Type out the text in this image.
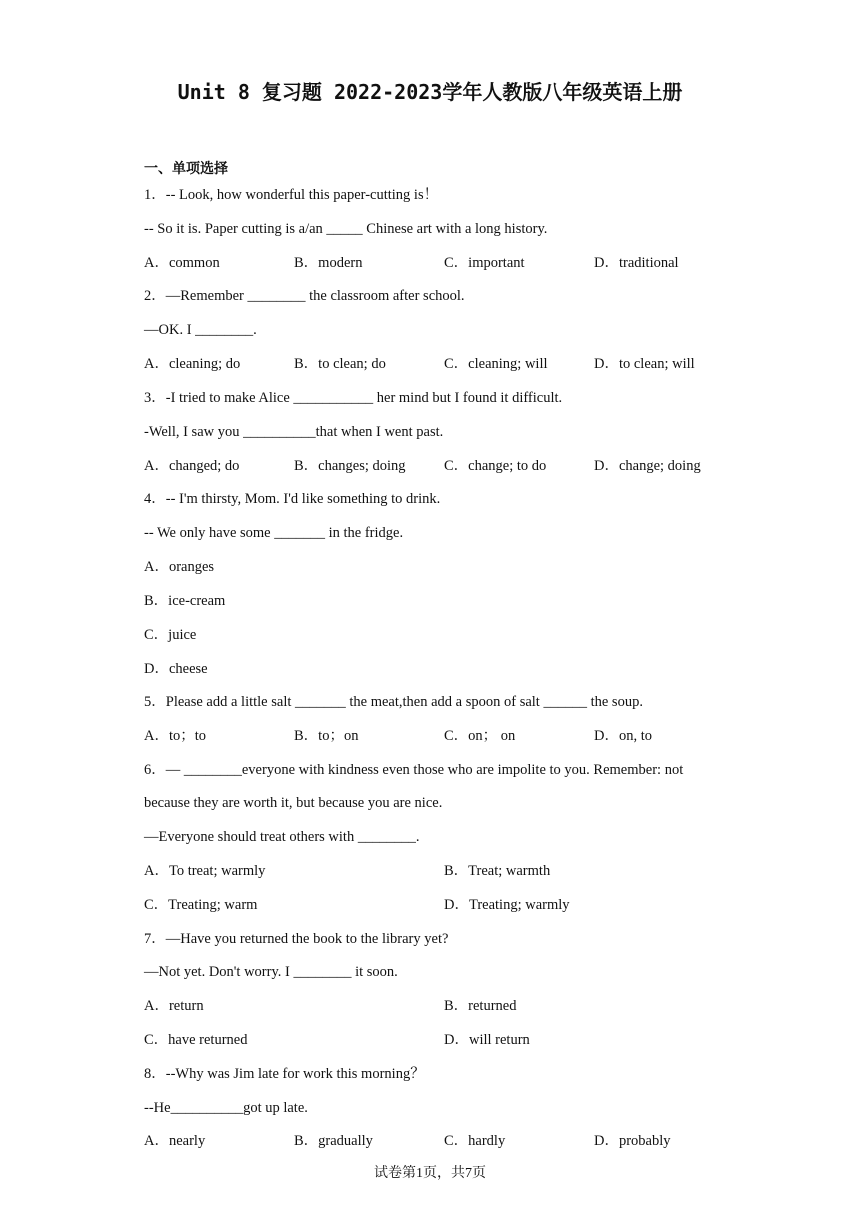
Unit 8 复习题 2022-2023学年人教版八年级英语上册
一、单项选择
1．-- Look, how wonderful this paper-cutting is！
-- So it is. Paper cutting is a/an _____ Chinese art with a long history.
A．common	B．modern	C．important	D．traditional
2．—Remember ________ the classroom after school.
—OK. I ________.
A．cleaning; do	B．to clean; do	C．cleaning; will	D．to clean; will
3．-I tried to make Alice ___________ her mind but I found it difficult.
-Well, I saw you __________that when I went past.
A．changed; do	B．changes; doing	C．change; to do	D．change; doing
4．-- I'm thirsty, Mom. I'd like something to drink.
-- We only have some _______ in the fridge.
A．oranges
B．ice-cream
C．juice
D．cheese
5．Please add a little salt _______ the meat,then add a spoon of salt ______ the soup.
A．to；to	B．to；on	C．on； on	D．on, to
6．— ________everyone with kindness even those who are impolite to you. Remember: not
because they are worth it, but because you are nice.
—Everyone should treat others with ________.
A．To treat; warmly	B．Treat; warmth
C．Treating; warm	D．Treating; warmly
7．—Have you returned the book to the library yet?
—Not yet. Don't worry. I ________ it soon.
A．return	B．returned
C．have returned	D．will return
8．--Why was Jim late for work this morning？
--He__________got up late.
A．nearly	B．gradually	C．hardly	D．probably
试卷第1页，共7页
